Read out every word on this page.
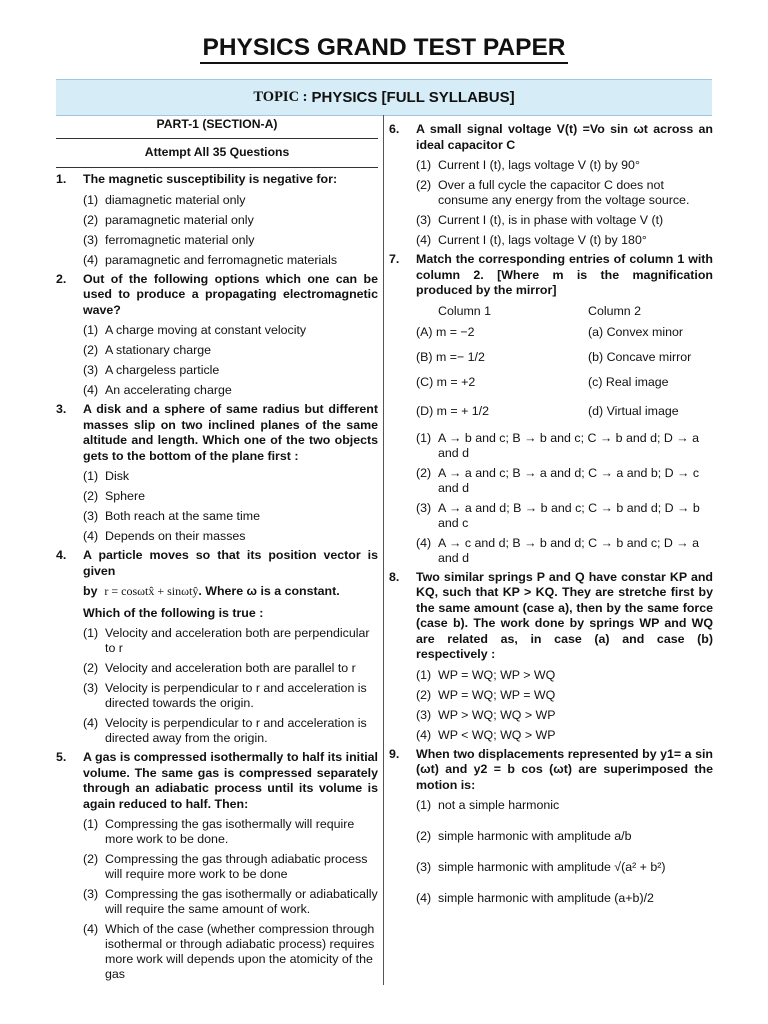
PHYSICS GRAND TEST PAPER
TOPIC : PHYSICS [FULL SYLLABUS]
PART-1 (SECTION-A)
Attempt All 35 Questions
1.	The magnetic susceptibility is negative for:
(1) diamagnetic material only
(2) paramagnetic material only
(3) ferromagnetic material only
(4) paramagnetic and ferromagnetic materials
2.	Out of the following options which one can be used to produce a propagating electromagnetic wave?
(1) A charge moving at constant velocity
(2) A stationary charge
(3) A chargeless particle
(4) An accelerating charge
3.	A disk and a sphere of same radius but different masses slip on two inclined planes of the same altitude and length. Which one of the two objects gets to the bottom of the plane first :
(1) Disk
(2) Sphere
(3) Both reach at the same time
(4) Depends on their masses
4.	A particle moves so that its position vector is given
by r = cosωtx̂ + sinωtŷ. Where ω is a constant.
Which of the following is true :
(1) Velocity and acceleration both are perpendicular to r
(2) Velocity and acceleration both are parallel to r
(3) Velocity is perpendicular to r and acceleration is directed towards the origin.
(4) Velocity is perpendicular to r and acceleration is directed away from the origin.
5.	A gas is compressed isothermally to half its initial volume. The same gas is compressed separately through an adiabatic process until its volume is again reduced to half. Then:
(1) Compressing the gas isothermally will require more work to be done.
(2) Compressing the gas through adiabatic process will require more work to be done
(3) Compressing the gas isothermally or adiabatically will require the same amount of work.
(4) Which of the case (whether compression through isothermal or through adiabatic process) requires more work will depends upon the atomicity of the gas
6.	A small signal voltage V(t) =Vo sin ωt across an ideal capacitor C
(1) Current I (t), lags voltage V (t) by 90°
(2) Over a full cycle the capacitor C does not consume any energy from the voltage source.
(3) Current I (t), is in phase with voltage V (t)
(4) Current I (t), lags voltage V (t) by 180°
7.	Match the corresponding entries of column 1 with column 2. [Where m is the magnification produced by the mirror]
Column 1	Column 2
(A) m = −2	(a) Convex minor
(B) m =− 1/2	(b) Concave mirror
(C) m = +2	(c) Real image
(D) m = + 1/2	(d) Virtual image
(1) A → b and c; B → b and c; C → b and d; D → a and d
(2) A → a and c; B → a and d; C → a and b; D → c and d
(3) A → a and d; B → b and c; C → b and d; D → b and c
(4) A → c and d; B → b and d; C → b and c; D → a and d
8.	Two similar springs P and Q have constar KP and KQ, such that KP > KQ. They are stretche first by the same amount (case a), then by the same force (case b). The work done by springs WP and WQ are related as, in case (a) and case (b) respectively :
(1) WP = WQ; WP > WQ
(2) WP = WQ; WP = WQ
(3) WP > WQ; WQ > WP
(4) WP < WQ; WQ > WP
9.	When two displacements represented by y1= a sin (ωt) and y2 = b cos (ωt) are superimposed the motion is:
(1) not a simple harmonic
(2) simple harmonic with amplitude a/b
(3) simple harmonic with amplitude √(a² + b²)
(4) simple harmonic with amplitude (a+b)/2
